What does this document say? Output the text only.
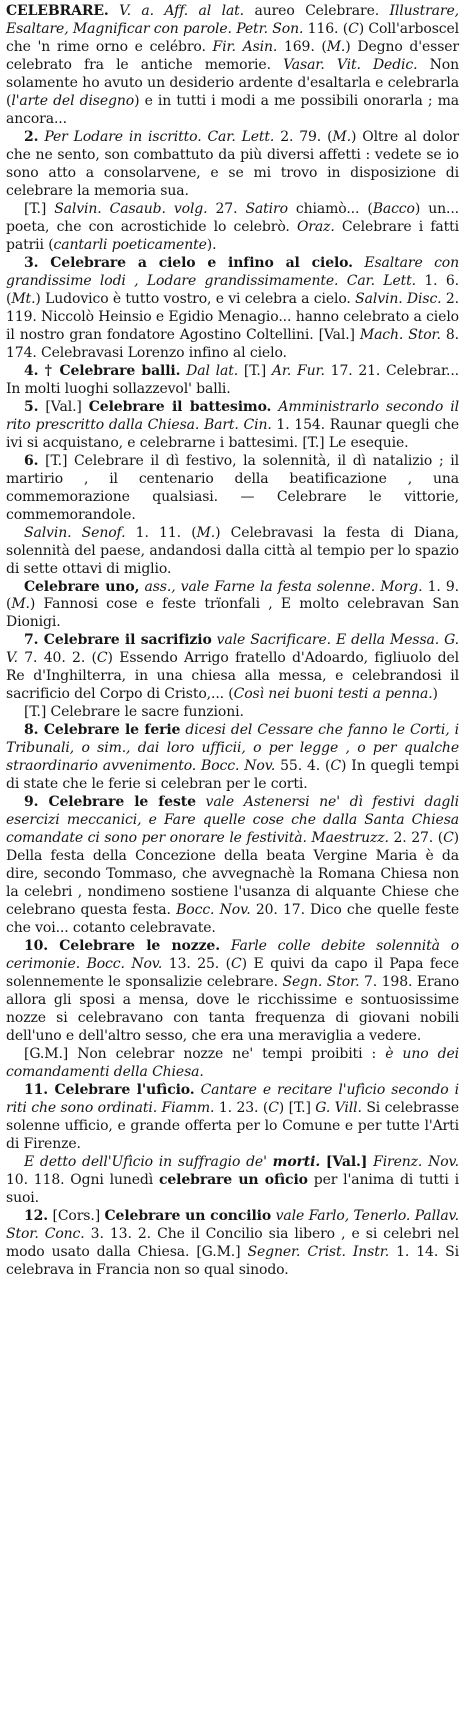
CELEBRARE. V. a. Aff. al lat. aureo Celebrare. Illustrare, Esaltare, Magnificar con parole. Petr. Son. 116. (C) Coll'arboscel che 'n rime orno e celébro. Fir. Asin. 169. (M.) Degno d'esser celebrato fra le antiche memorie. Vasar. Vit. Dedic. Non solamente ho avuto un desiderio ardente d'esaltarla e celebrarla (l'arte del disegno) e in tutti i modi a me possibili onorarla ; ma ancora...

2. Per Lodare in iscritto. Car. Lett. 2. 79. (M.) Oltre al dolor che ne sento, son combattuto da più diversi affetti : vedete se io sono atto a consolarvene, e se mi trovo in disposizione di celebrare la memoria sua.

[T.] Salvin. Casaub. volg. 27. Satiro chiamò... (Bacco) un... poeta, che con acrostichide lo celebrò. Oraz. Celebrare i fatti patrii (cantarli poeticamente).

3. Celebrare a cielo e infino al cielo. Esaltare con grandissime lodi , Lodare grandissimamente. Car. Lett. 1. 6. (Mt.) Ludovico è tutto vostro, e vi celebra a cielo. Salvin. Disc. 2. 119. Niccolò Heinsio e Egidio Menagio... hanno celebrato a cielo il nostro gran fondatore Agostino Coltellini. [Val.] Mach. Stor. 8. 174. Celebravasi Lorenzo infino al cielo.

4. † Celebrare balli. Dal lat. [T.] Ar. Fur. 17. 21. Celebrar... In molti luoghi sollazzevol' balli.

5. [Val.] Celebrare il battesimo. Amministrarlo secondo il rito prescritto dalla Chiesa. Bart. Cin. 1. 154. Raunar quegli che ivi si acquistano, e celebrarne i battesimi. [T.] Le esequie.

6. [T.] Celebrare il dì festivo, la solennità, il dì natalizio ; il martirio , il centenario della beatificazione , una commemorazione qualsiasi. — Celebrare le vittorie, commemorandole.

Salvin. Senof. 1. 11. (M.) Celebravasi la festa di Diana, solennità del paese, andandosi dalla città al tempio per lo spazio di sette ottavi di miglio.

Celebrare uno, ass., vale Farne la festa solenne. Morg. 1. 9. (M.) Fannosi cose e feste trïonfali , E molto celebravan San Dionigi.

7. Celebrare il sacrifizio vale Sacrificare. E della Messa. G. V. 7. 40. 2. (C) Essendo Arrigo fratello d'Adoardo, figliuolo del Re d'Inghilterra, in una chiesa alla messa, e celebrandosi il sacrificio del Corpo di Cristo,... (Così nei buoni testi a penna.)

[T.] Celebrare le sacre funzioni.

8. Celebrare le ferie dicesi del Cessare che fanno le Corti, i Tribunali, o sim., dai loro ufficii, o per legge , o per qualche straordinario avvenimento. Bocc. Nov. 55. 4. (C) In quegli tempi di state che le ferie si celebran per le corti.

9. Celebrare le feste vale Astenersi ne' dì festivi dagli esercizi meccanici, e Fare quelle cose che dalla Santa Chiesa comandate ci sono per onorare le festività. Maestruzz. 2. 27. (C) Della festa della Concezione della beata Vergine Maria è da dire, secondo Tommaso, che avvegnachè la Romana Chiesa non la celebri , nondimeno sostiene l'usanza di alquante Chiese che celebrano questa festa. Bocc. Nov. 20. 17. Dico che quelle feste che voi... cotanto celebravate.

10. Celebrare le nozze. Farle colle debite solennità o cerimonie. Bocc. Nov. 13. 25. (C) E quivi da capo il Papa fece solennemente le sponsalizie celebrare. Segn. Stor. 7. 198. Erano allora gli sposi a mensa, dove le ricchissime e sontuosissime nozze si celebravano con tanta frequenza di giovani nobili dell'uno e dell'altro sesso, che era una meraviglia a vedere.

[G.M.] Non celebrar nozze ne' tempi proibiti : è uno dei comandamenti della Chiesa.

11. Celebrare l'ufìcio. Cantare e recitare l'ufìcio secondo i riti che sono ordinati. Fiamm. 1. 23. (C) [T.] G. Vill. Si celebrasse solenne ufficio, e grande offerta per lo Comune e per tutte l'Arti di Firenze.

E detto dell'Ufìcio in suffragio de' morti. [Val.] Firenz. Nov. 10. 118. Ogni lunedì celebrare un ofìcio per l'anima di tutti i suoi.

12. [Cors.] Celebrare un concilio vale Farlo, Tenerlo. Pallav. Stor. Conc. 3. 13. 2. Che il Concilio sia libero , e si celebri nel modo usato dalla Chiesa. [G.M.] Segner. Crist. Instr. 1. 14. Si celebrava in Francia non so qual sinodo.
